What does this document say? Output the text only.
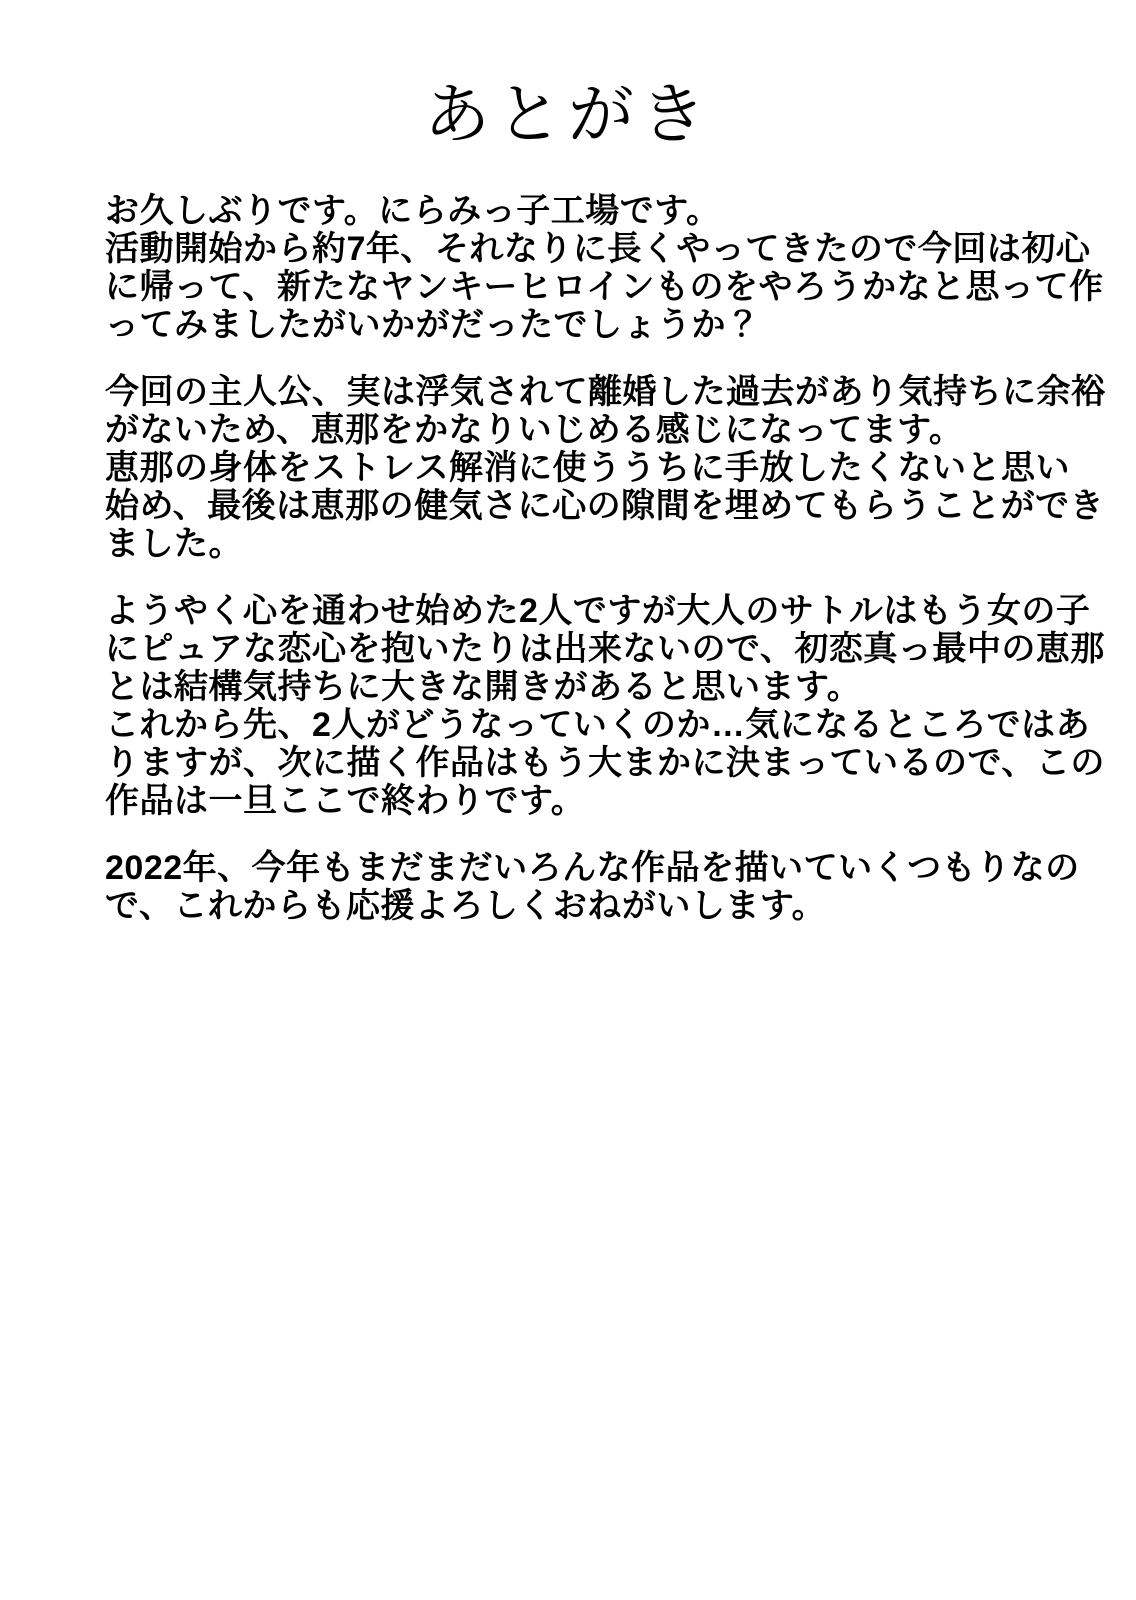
あとがき
お久しぶりです。にらみっ子工場です。
活動開始から約7年、それなりに長くやってきたので今回は初心
に帰って、新たなヤンキーヒロインものをやろうかなと思って作
ってみましたがいかがだったでしょうか？
今回の主人公、実は浮気されて離婚した過去があり気持ちに余裕
がないため、恵那をかなりいじめる感じになってます。
恵那の身体をストレス解消に使ううちに手放したくないと思い
始め、最後は恵那の健気さに心の隙間を埋めてもらうことができ
ました。
ようやく心を通わせ始めた2人ですが大人のサトルはもう女の子
にピュアな恋心を抱いたりは出来ないので、初恋真っ最中の恵那
とは結構気持ちに大きな開きがあると思います。
これから先、2人がどうなっていくのか…気になるところではあ
りますが、次に描く作品はもう大まかに決まっているので、この
作品は一旦ここで終わりです。
2022年、今年もまだまだいろんな作品を描いていくつもりなの
で、これからも応援よろしくおねがいします。
